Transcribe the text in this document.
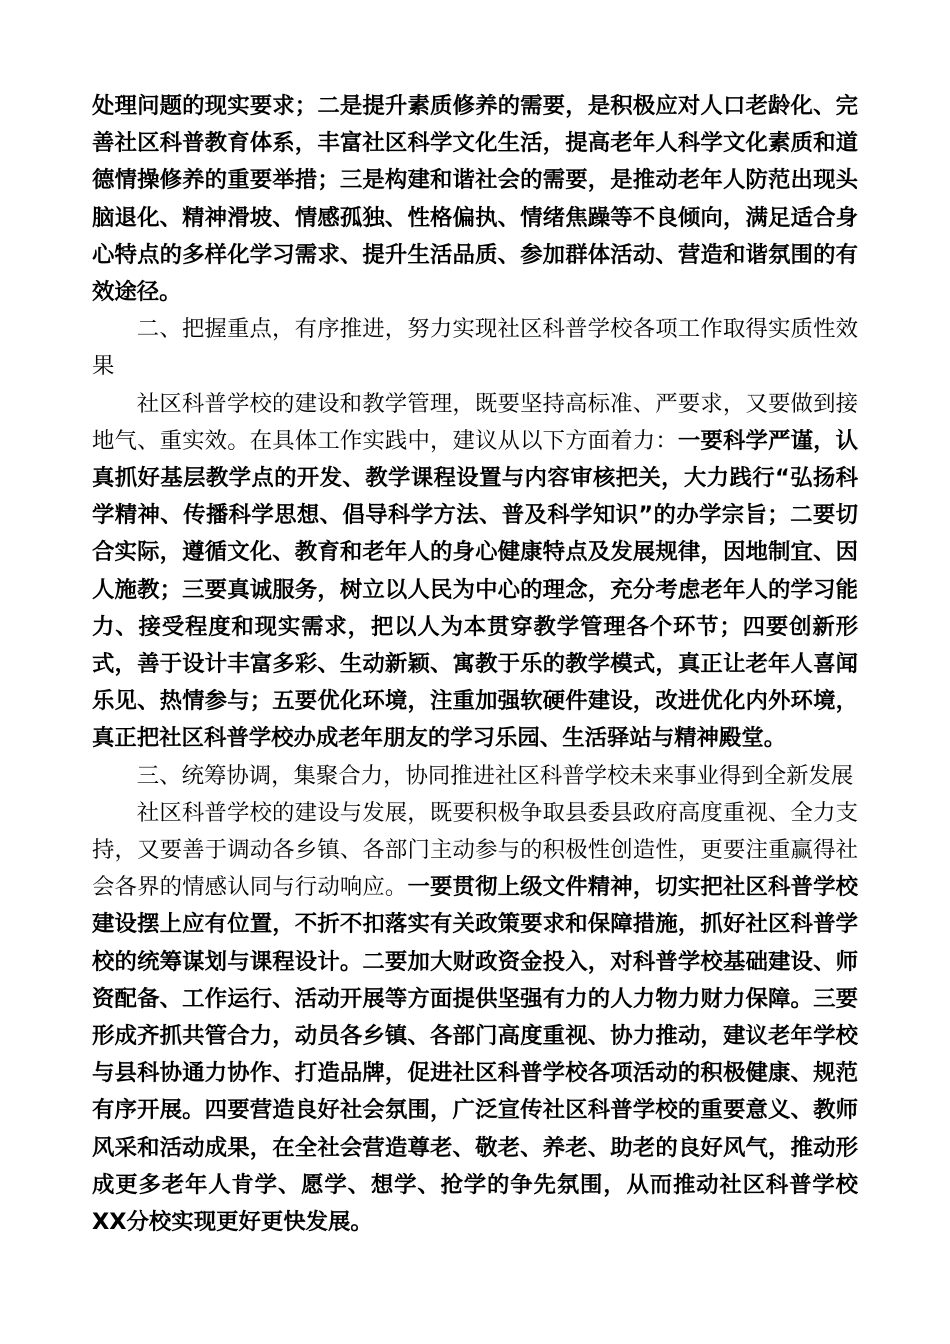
处理问题的现实要求；二是提升素质修养的需要，是积极应对人口老龄化、完善社区科普教育体系，丰富社区科学文化生活，提高老年人科学文化素质和道德情操修养的重要举措；三是构建和谐社会的需要，是推动老年人防范出现头脑退化、精神滑坡、情感孤独、性格偏执、情绪焦躁等不良倾向，满足适合身心特点的多样化学习需求、提升生活品质、参加群体活动、营造和谐氛围的有效途径。

二、把握重点，有序推进，努力实现社区科普学校各项工作取得实质性效果

社区科普学校的建设和教学管理，既要坚持高标准、严要求，又要做到接地气、重实效。在具体工作实践中，建议从以下方面着力：一要科学严谨，认真抓好基层教学点的开发、教学课程设置与内容审核把关，大力践行“弘扬科学精神、传播科学思想、倡导科学方法、普及科学知识”的办学宗旨；二要切合实际，遵循文化、教育和老年人的身心健康特点及发展规律，因地制宜、因人施教；三要真诚服务，树立以人民为中心的理念，充分考虑老年人的学习能力、接受程度和现实需求，把以人为本贯穿教学管理各个环节；四要创新形式，善于设计丰富多彩、生动新颖、寓教于乐的教学模式，真正让老年人喜闻乐见、热情参与；五要优化环境，注重加强软硬件建设，改进优化内外环境，真正把社区科普学校办成老年朋友的学习乐园、生活驿站与精神殿堂。

三、统筹协调，集聚合力，协同推进社区科普学校未来事业得到全新发展

社区科普学校的建设与发展，既要积极争取县委县政府高度重视、全力支持，又要善于调动各乡镇、各部门主动参与的积极性创造性，更要注重赢得社会各界的情感认同与行动响应。一要贯彻上级文件精神，切实把社区科普学校建设摆上应有位置，不折不扣落实有关政策要求和保障措施，抓好社区科普学校的统筹谋划与课程设计。二要加大财政资金投入，对科普学校基础建设、师资配备、工作运行、活动开展等方面提供坚强有力的人力物力财力保障。三要形成齐抓共管合力，动员各乡镇、各部门高度重视、协力推动，建议老年学校与县科协通力协作、打造品牌，促进社区科普学校各项活动的积极健康、规范有序开展。四要营造良好社会氛围，广泛宣传社区科普学校的重要意义、教师风采和活动成果，在全社会营造尊老、敬老、养老、助老的良好风气，推动形成更多老年人肯学、愿学、想学、抢学的争先氛围，从而推动社区科普学校XX分校实现更好更快发展。
